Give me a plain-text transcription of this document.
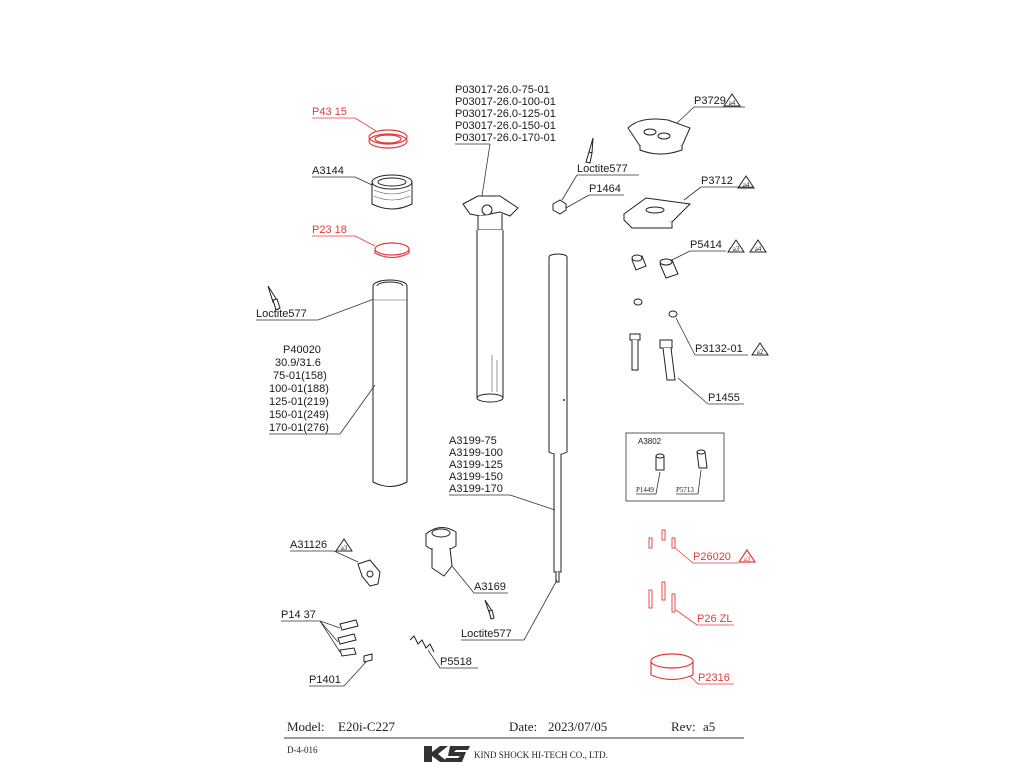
P43 15
A3144
P23 18
Loctite577
P40020
30.9/31.6
75-01(158)
100-01(188)
125-01(219)
150-01(249)
170-01(276)
P03017-26.0-75-01
P03017-26.0-100-01
P03017-26.0-125-01
P03017-26.0-150-01
P03017-26.0-170-01
Loctite577
P1464
A3199-75
A3199-100
A3199-125
A3199-150
A3199-170
P3729 a4
P3712 a4
P5414 a3 a4
P3132-01 a2
P1455
A3802
P1449	P5713
A31126 a3
A3169
P14 37
P1401
P5518
Loctite577
P26020 a3
P26 ZL
P2316
Model: E20i-C227	Date: 2023/07/05	Rev: a5
D-4-016	KIND SHOCK HI-TECH CO., LTD.
